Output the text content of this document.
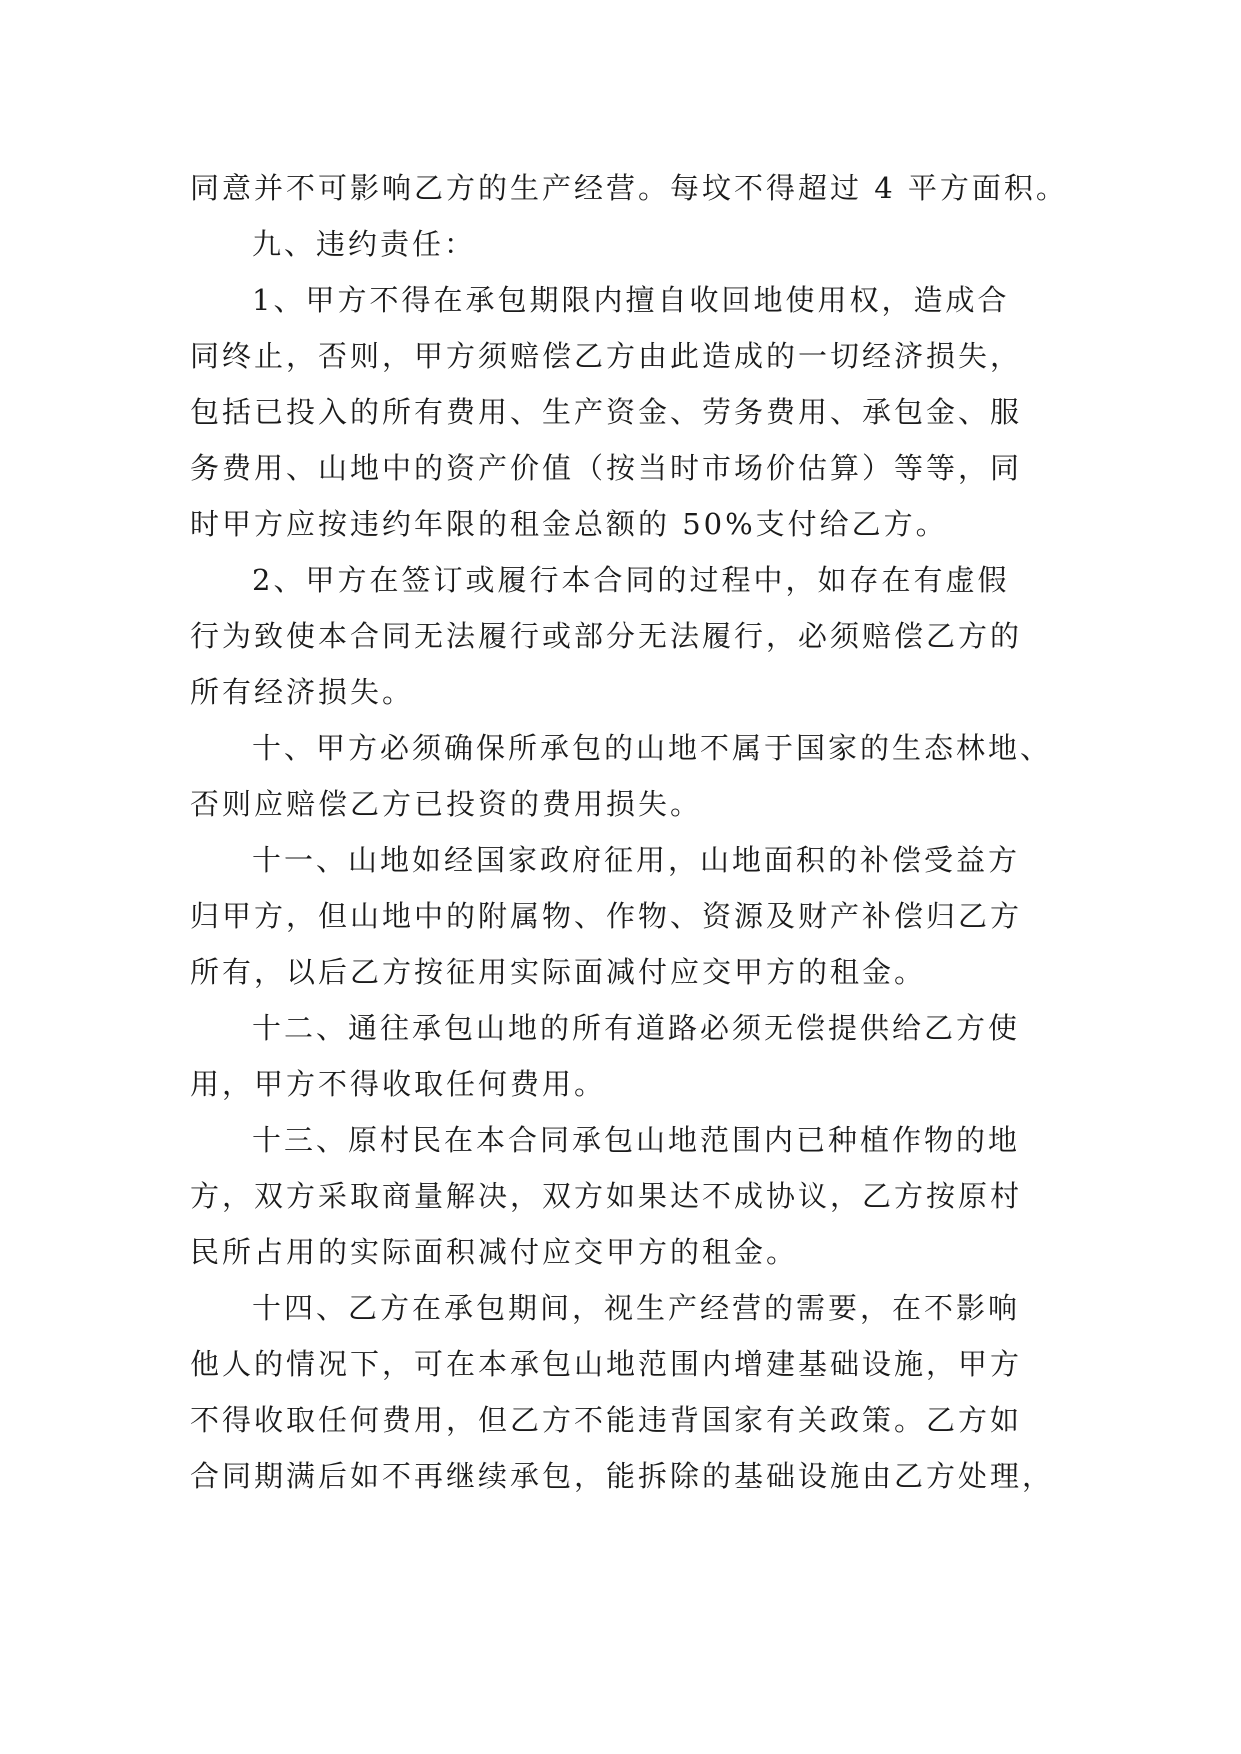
同意并不可影响乙方的生产经营。每坟不得超过 4 平方面积。
九、违约责任：
1、甲方不得在承包期限内擅自收回地使用权，造成合
同终止，否则，甲方须赔偿乙方由此造成的一切经济损失，
包括已投入的所有费用、生产资金、劳务费用、承包金、服
务费用、山地中的资产价值（按当时市场价估算）等等，同
时甲方应按违约年限的租金总额的 50%支付给乙方。
2、甲方在签订或履行本合同的过程中，如存在有虚假
行为致使本合同无法履行或部分无法履行，必须赔偿乙方的
所有经济损失。
十、甲方必须确保所承包的山地不属于国家的生态林地、
否则应赔偿乙方已投资的费用损失。
十一、山地如经国家政府征用，山地面积的补偿受益方
归甲方，但山地中的附属物、作物、资源及财产补偿归乙方
所有，以后乙方按征用实际面减付应交甲方的租金。
十二、通往承包山地的所有道路必须无偿提供给乙方使
用，甲方不得收取任何费用。
十三、原村民在本合同承包山地范围内已种植作物的地
方，双方采取商量解决，双方如果达不成协议，乙方按原村
民所占用的实际面积减付应交甲方的租金。
十四、乙方在承包期间，视生产经营的需要，在不影响
他人的情况下，可在本承包山地范围内增建基础设施，甲方
不得收取任何费用，但乙方不能违背国家有关政策。乙方如
合同期满后如不再继续承包，能拆除的基础设施由乙方处理，
